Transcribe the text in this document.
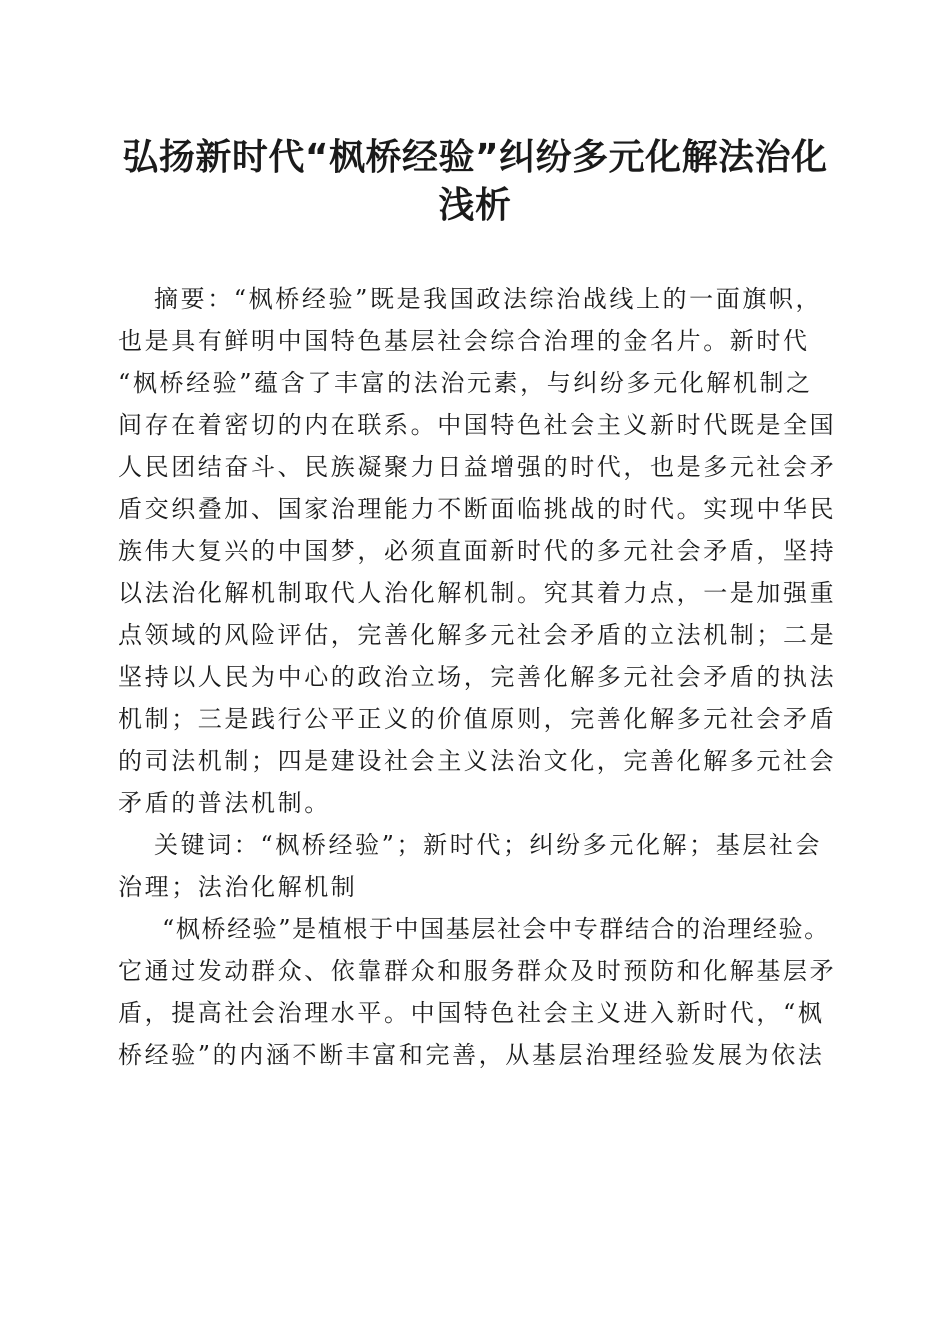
弘扬新时代“枫桥经验”纠纷多元化解法治化
浅析

摘要：“枫桥经验”既是我国政法综治战线上的一面旗帜，

也是具有鲜明中国特色基层社会综合治理的金名片。新时代

“枫桥经验”蕴含了丰富的法治元素，与纠纷多元化解机制之

间存在着密切的内在联系。中国特色社会主义新时代既是全国

人民团结奋斗、民族凝聚力日益增强的时代，也是多元社会矛

盾交织叠加、国家治理能力不断面临挑战的时代。实现中华民

族伟大复兴的中国梦，必须直面新时代的多元社会矛盾，坚持

以法治化解机制取代人治化解机制。究其着力点，一是加强重

点领域的风险评估，完善化解多元社会矛盾的立法机制；二是

坚持以人民为中心的政治立场，完善化解多元社会矛盾的执法

机制；三是践行公平正义的价值原则，完善化解多元社会矛盾

的司法机制；四是建设社会主义法治文化，完善化解多元社会

矛盾的普法机制。

关键词：“枫桥经验”；新时代；纠纷多元化解；基层社会

治理；法治化解机制

“枫桥经验”是植根于中国基层社会中专群结合的治理经验。

它通过发动群众、依靠群众和服务群众及时预防和化解基层矛

盾，提高社会治理水平。中国特色社会主义进入新时代，“枫

桥经验”的内涵不断丰富和完善，从基层治理经验发展为依法
